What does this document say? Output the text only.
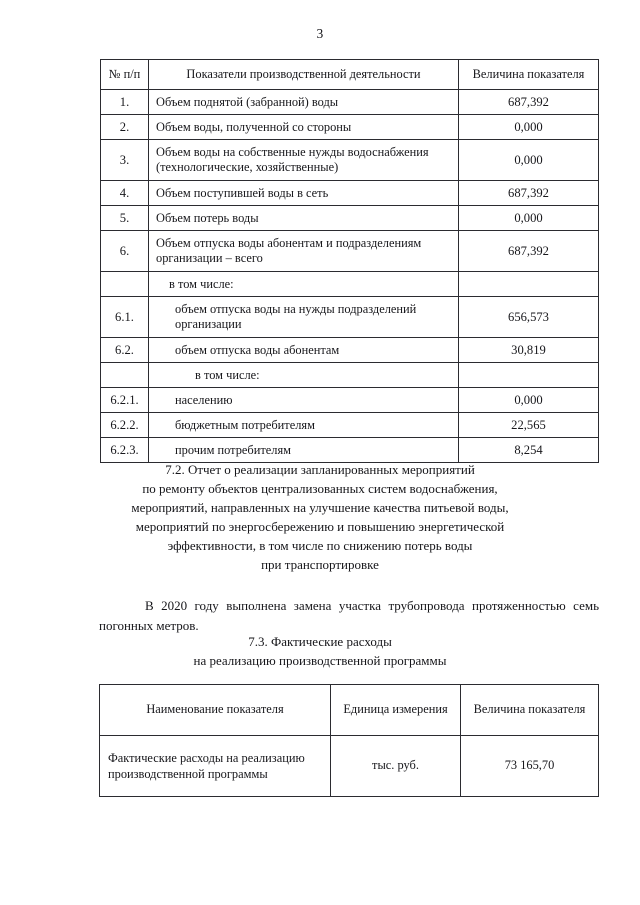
3
№ п/п	Показатели производственной деятельности	Величина показателя
1.	Объем поднятой (забранной) воды	687,392
2.	Объем воды, полученной со стороны	0,000
3.	Объем воды на собственные нужды водоснабжения (технологические, хозяйственные)	0,000
4.	Объем поступившей воды в сеть	687,392
5.	Объем потерь воды	0,000
6.	Объем отпуска воды абонентам и подразделениям организации – всего	687,392
	в том числе:	
6.1.	объем отпуска воды на нужды подразделений организации	656,573
6.2.	объем отпуска воды абонентам	30,819
	в том числе:	
6.2.1.	населению	0,000
6.2.2.	бюджетным потребителям	22,565
6.2.3.	прочим потребителям	8,254
7.2. Отчет о реализации запланированных мероприятий
по ремонту объектов централизованных систем водоснабжения,
мероприятий, направленных на улучшение качества питьевой воды,
мероприятий по энергосбережению и повышению энергетической
эффективности, в том числе по снижению потерь воды
при транспортировке

В 2020 году выполнена замена участка трубопровода протяженностью семь погонных метров.

7.3. Фактические расходы
на реализацию производственной программы
Наименование показателя	Единица измерения	Величина показателя
Фактические расходы на реализацию производственной программы	тыс. руб.	73 165,70
